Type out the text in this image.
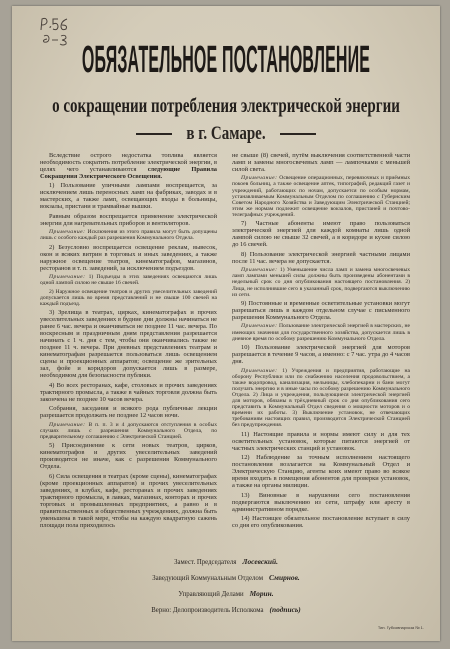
ОБЯЗАТЕЛЬНОЕ ПОСТАНОВЛЕНИЕ
о сокращении потребления электрической энергии
в г. Самаре.

Вследствие острого недостатка топлива является необходимость сократить потребление электрической энергии, в целях чего устанавливаются следующие Правила Сокращения Электрического Освещения.

1) Пользование уличными лампами воспрещается, за исключением лишь переносных ламп на фабриках, заводах и в мастерских, а также ламп, освещающих входы в больницы, вокзалы, пристани и трамвайные вышки.

Равным образом воспрещается применение электрической энергии для нагревательных приборов и вентиляторов.

Примечание: Исключения из этого правила могут быть допущены лишь с особого каждый раз разрешения Коммунального Отдела.

2) Безусловно воспрещается освещение реклам, вывесок, окон и всяких витрин в торговых и иных заведениях, а также наружное освещение театров, кинематографов, магазинов, ресторанов и т. п. заведений, за исключением подъездов.

Примечание: 1) Подъезды в этих заведениях освещаются лишь одной лампой силою не свыше 16 свечей.

2) Наружное освещение театров и других увеселительных заведений допускается лишь во время представлений и не свыше 100 свечей на каждый подъезд.

3) Зрелища в театрах, цирках, кинематографах и прочих увеселительных заведениях в будние дни должны начинаться не ранее 6 час. вечера и оканчиваться не позднее 11 час. вечера. По воскресным и праздничным дням представления разрешается начинать с 1 ч. дня с тем, чтобы они оканчивались также не позднее 11 ч. вечера. При дневных представлениях театрам и кинематографам разрешается пользоваться лишь освещением сцены и проекционных аппаратов; освещение же зрительных зал, фойе и коридоров допускается лишь в размере, необходимом для безопасности публики.

4) Во всех ресторанах, кафе, столовых и прочих заведениях трактирного промысла, а также в чайных торговля должна быть закончена не позднее 10 часов вечера.

Собрания, заседания и всякого рода публичные лекции разрешается продолжать не позднее 12 часов ночи.

Примечание: В п. п. 3 и 4 допускаются отступления в особых случаях лишь с разрешения Коммунального Отдела, по предварительному соглашению с Электрической Станцией.

5) Присоединение к сети новых театров, цирков, кинематографов и других увеселительных заведений производится не иначе, как с разрешения Коммунального Отдела.

6) Сила освещения в театрах (кроме сцены), кинематографах (кроме проекционных аппаратов) и прочих увеселительных заведениях, в клубах, кафе, ресторанах и прочих заведениях трактирного промысла, в лавках, магазинах, конторах и прочих торговых и промышленных предприятиях, а равно и в правительственных и общественных учреждениях, должна быть уменьшена в такой мере, чтобы на каждую квадратную сажень площади пола приходилось

не свыше (8) свечей, путём выключения соответственной части ламп и замены многосвечевых ламп — лампочками с меньшей силой света.

Примечание: Освещение операционных, перевязочных и приёмных покоев больниц, а также освещение аптек, типографий, редакций газет и учреждений, работающих по ночам, допускается по особым нормам, устанавливаемым Коммунальным Отделом по соглашению с Губернским Советом Народного Хозяйства и Заведующим Электрической Станцией; этим же нормам подлежит освещение вокзалов, пристаней и почтово-телеграфных учреждений.

7) Частные абоненты имеют право пользоваться электрической энергией для каждой комнаты лишь одной лампой силою не свыше 32 свечей, а в коридоре и кухне силою до 16 свечей.

8) Пользование электрической энергией частными лицами после 11 час. вечера не допускается.

Примечание: 1) Уменьшение числа ламп и замена многосвечевых ламп лампами меньшей силы должны быть произведены абонентами в недельный срок со дня опубликования настоящего постановления. 2) Лица, не исполнившие сего в указанный срок, подвергаются выключению из сети.

9) Постоянные и временные осветительные установки могут разрешаться лишь в каждом отдельном случае с письменного разрешения Коммунального Отдела.

Примечание: Пользование электрической энергией в мастерских, не имеющих значения для государственного хозяйства, допускается лишь в дневное время по особому разрешению Коммунального Отдела.

10) Пользование электрической энергией для моторов разрешается в течение 9 часов, а именно: с 7 час. утра до 4 часов дня.

Примечание: 1) Учреждения и предприятия, работающие на оборону Республики или по снабжению населения продовольствием, а также водопровод, канализация, мельницы, хлебопекарни и бани могут получать энергию и в иные часы по особому разрешению Коммунального Отдела. 2) Лица и учреждения, пользующиеся электрической энергией для моторов, обязаны в трёхдневный срок со дня опубликования сего представить в Коммунальный Отдел сведения о мощности моторов и о времени их работы. 3) Выключение установок, не отвечающих требованиям настоящих правил, производится Электрической Станцией без предупреждения.

11) Настоящие правила и нормы имеют силу и для тех осветительных установок, которые питаются энергией от частных электрических станций и установок.

12) Наблюдение за точным исполнением настоящего постановления возлагается на Коммунальный Отдел и Электрическую Станцию, агенты коих имеют право во всякое время входить в помещения абонентов для проверки установок, а также на органы милиции.

13) Виновные в нарушении сего постановления подвергаются выключению из сети, штрафу или аресту в административном порядке.

14) Настоящее обязательное постановление вступает в силу со дня его опубликования.

Замест. Председателя Лосевский.
Заведующий Коммунальным Отделом Смирнов.
Управляющий Делами Морин.
Верно: Делопроизводитель Исполкома (подпись)
Тип. Губсовнархоза № 1.
